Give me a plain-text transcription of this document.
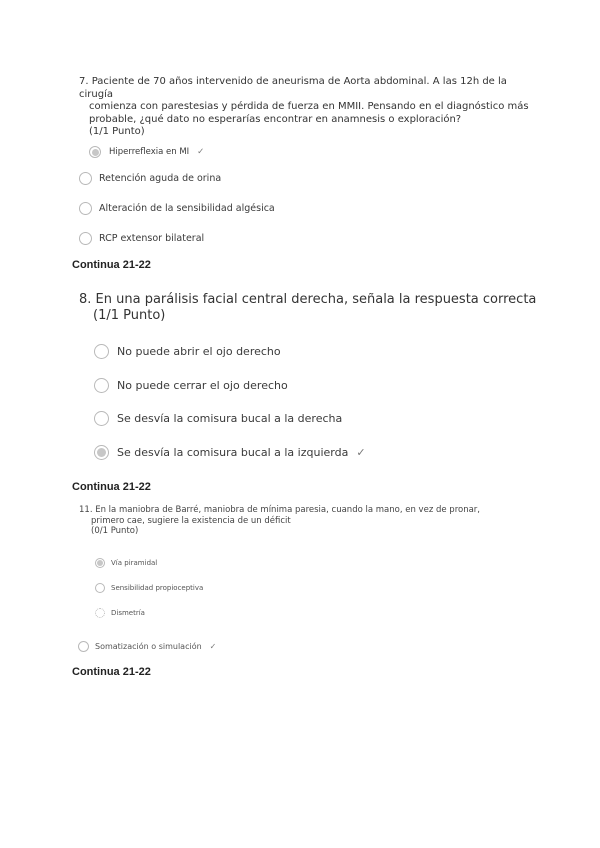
7. Paciente de 70 años intervenido de aneurisma de Aorta abdominal. A las 12h de la cirugía
comienza con parestesias y pérdida de fuerza en MMII. Pensando en el diagnóstico más
probable, ¿qué dato no esperarías encontrar en anamnesis o exploración?
(1/1 Punto)
Hiperreflexia en MI ✓
Retención aguda de orina
Alteración de la sensibilidad algésica
RCP extensor bilateral
Continua 21-22
8. En una parálisis facial central derecha, señala la respuesta correcta
(1/1 Punto)
No puede abrir el ojo derecho
No puede cerrar el ojo derecho
Se desvía la comisura bucal a la derecha
Se desvía la comisura bucal a la izquierda ✓
Continua 21-22
11. En la maniobra de Barré, maniobra de mínima paresia, cuando la mano, en vez de pronar,
primero cae, sugiere la existencia de un déficit
(0/1 Punto)
Vía piramidal
Sensibilidad propioceptiva
Dismetría
Somatización o simulación ✓
Continua 21-22
